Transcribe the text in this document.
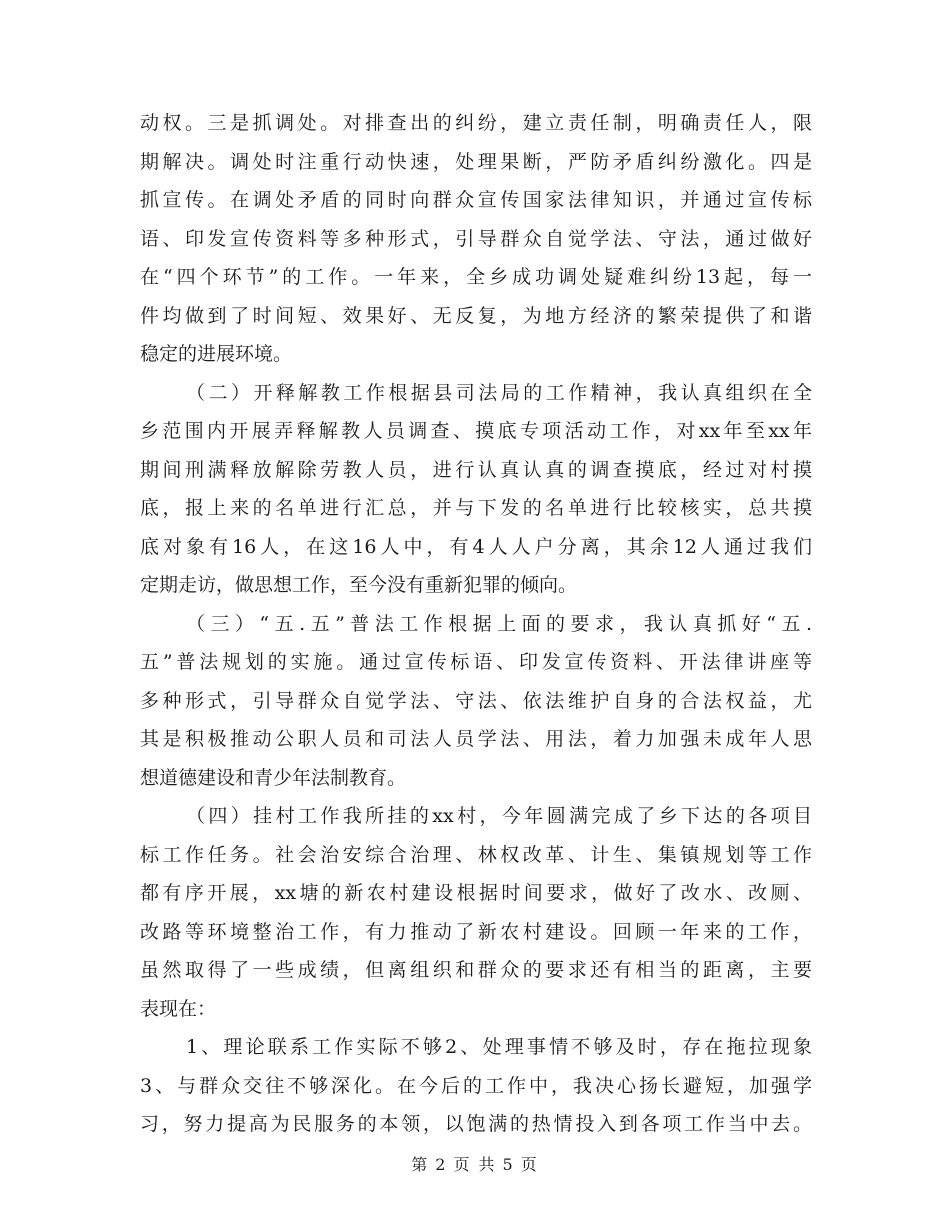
动权。三是抓调处。对排查出的纠纷，建立责任制，明确责任人，限
期解决。调处时注重行动快速，处理果断，严防矛盾纠纷激化。四是
抓宣传。在调处矛盾的同时向群众宣传国家法律知识，并通过宣传标
语、印发宣传资料等多种形式，引导群众自觉学法、守法，通过做好
在“四个环节”的工作。一年来，全乡成功调处疑难纠纷13起，每一
件均做到了时间短、效果好、无反复，为地方经济的繁荣提供了和谐
稳定的进展环境。
（二）开释解教工作根据县司法局的工作精神，我认真组织在全
乡范围内开展弄释解教人员调查、摸底专项活动工作，对xx年至xx年
期间刑满释放解除劳教人员，进行认真认真的调查摸底，经过对村摸
底，报上来的名单进行汇总，并与下发的名单进行比较核实，总共摸
底对象有16人，在这16人中，有4人人户分离，其余12人通过我们
定期走访，做思想工作，至今没有重新犯罪的倾向。
（三）“五.五”普法工作根据上面的要求，我认真抓好“五.
五”普法规划的实施。通过宣传标语、印发宣传资料、开法律讲座等
多种形式，引导群众自觉学法、守法、依法维护自身的合法权益，尤
其是积极推动公职人员和司法人员学法、用法，着力加强未成年人思
想道德建设和青少年法制教育。
（四）挂村工作我所挂的xx村，今年圆满完成了乡下达的各项目
标工作任务。社会治安综合治理、林权改革、计生、集镇规划等工作
都有序开展，xx塘的新农村建设根据时间要求，做好了改水、改厕、
改路等环境整治工作，有力推动了新农村建设。回顾一年来的工作，
虽然取得了一些成绩，但离组织和群众的要求还有相当的距离，主要
表现在：
1、理论联系工作实际不够2、处理事情不够及时，存在拖拉现象
3、与群众交往不够深化。在今后的工作中，我决心扬长避短，加强学
习，努力提高为民服务的本领，以饱满的热情投入到各项工作当中去。
第 2 页 共 5 页
